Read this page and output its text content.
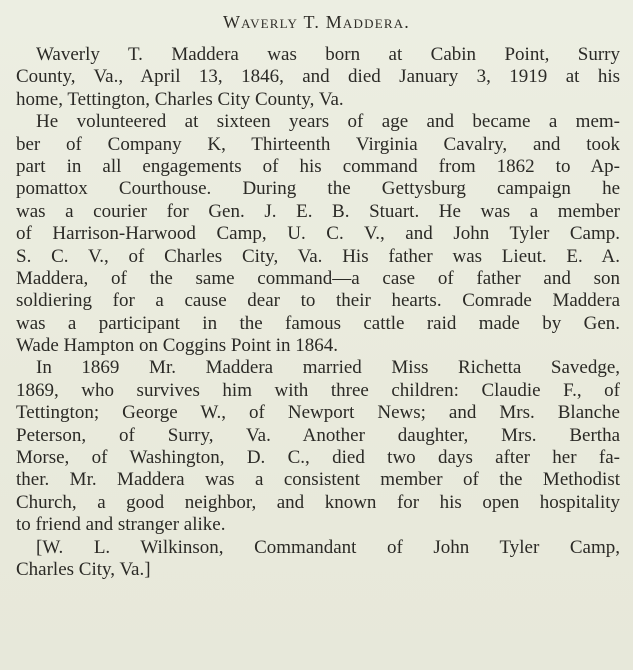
Waverly T. Maddera.
Waverly T. Maddera was born at Cabin Point, Surry
County, Va., April 13, 1846, and died January 3, 1919 at his
home, Tettington, Charles City County, Va.
He volunteered at sixteen years of age and became a mem-
ber of Company K, Thirteenth Virginia Cavalry, and took
part in all engagements of his command from 1862 to Ap-
pomattox Courthouse. During the Gettysburg campaign he
was a courier for Gen. J. E. B. Stuart. He was a member
of Harrison-Harwood Camp, U. C. V., and John Tyler Camp.
S. C. V., of Charles City, Va. His father was Lieut. E. A.
Maddera, of the same command—a case of father and son
soldiering for a cause dear to their hearts. Comrade Maddera
was a participant in the famous cattle raid made by Gen.
Wade Hampton on Coggins Point in 1864.
In 1869 Mr. Maddera married Miss Richetta Savedge,
1869, who survives him with three children: Claudie F., of
Tettington; George W., of Newport News; and Mrs. Blanche
Peterson, of Surry, Va. Another daughter, Mrs. Bertha
Morse, of Washington, D. C., died two days after her fa-
ther. Mr. Maddera was a consistent member of the Methodist
Church, a good neighbor, and known for his open hospitality
to friend and stranger alike.
[W. L. Wilkinson, Commandant of John Tyler Camp,
Charles City, Va.]
